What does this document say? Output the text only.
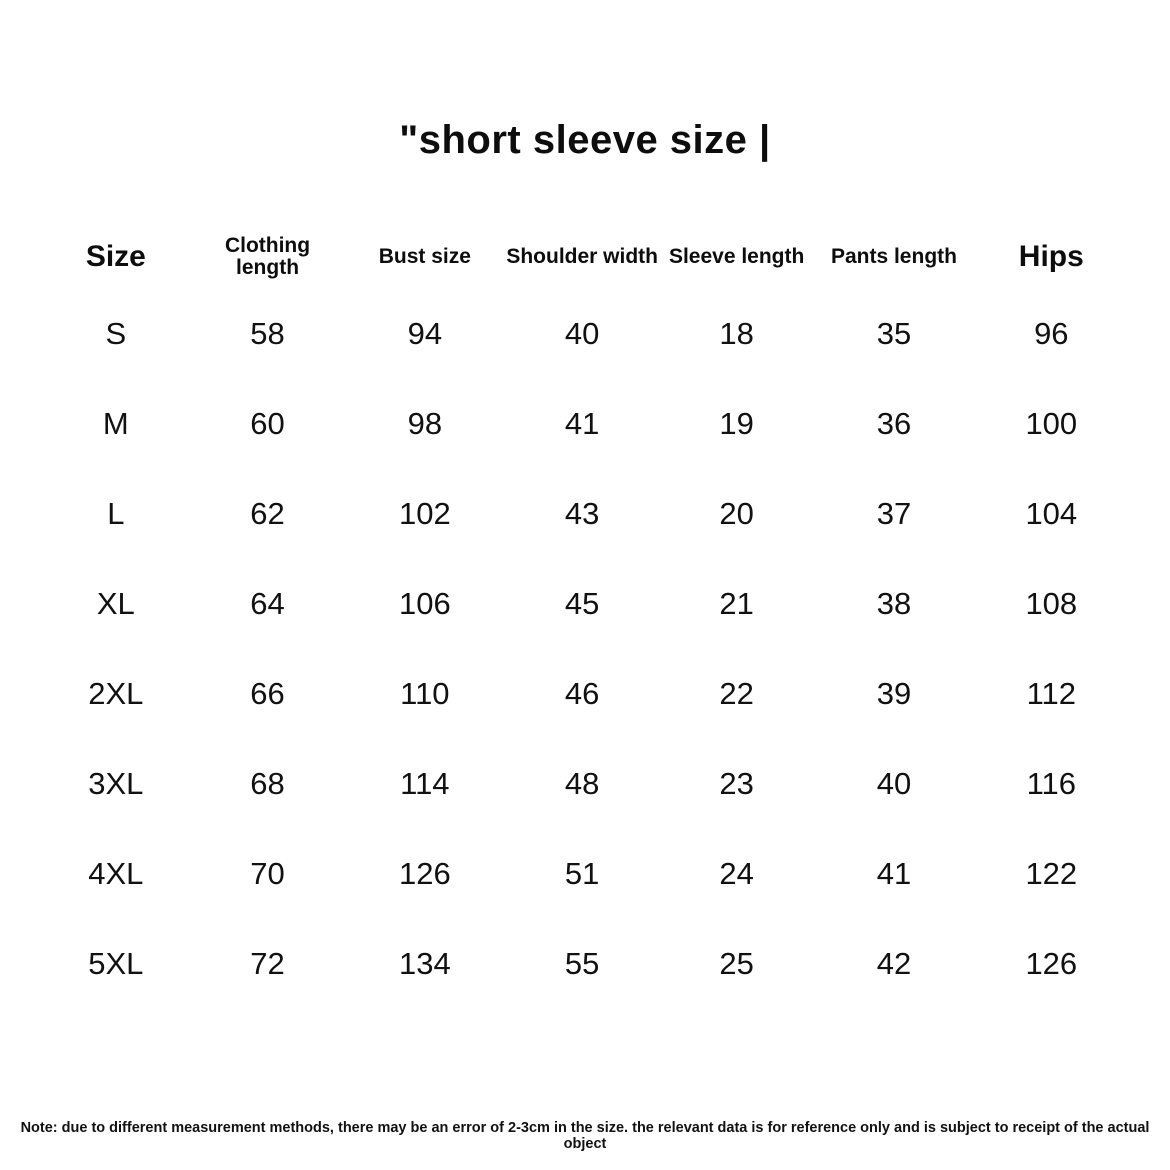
"short sleeve size |
Size	Clothing length	Bust size	Shoulder width	Sleeve length	Pants length	Hips
S	58	94	40	18	35	96
M	60	98	41	19	36	100
L	62	102	43	20	37	104
XL	64	106	45	21	38	108
2XL	66	110	46	22	39	112
3XL	68	114	48	23	40	116
4XL	70	126	51	24	41	122
5XL	72	134	55	25	42	126
Note: due to different measurement methods, there may be an error of 2-3cm in the size. the relevant data is for reference only and is subject to receipt of the actual object
